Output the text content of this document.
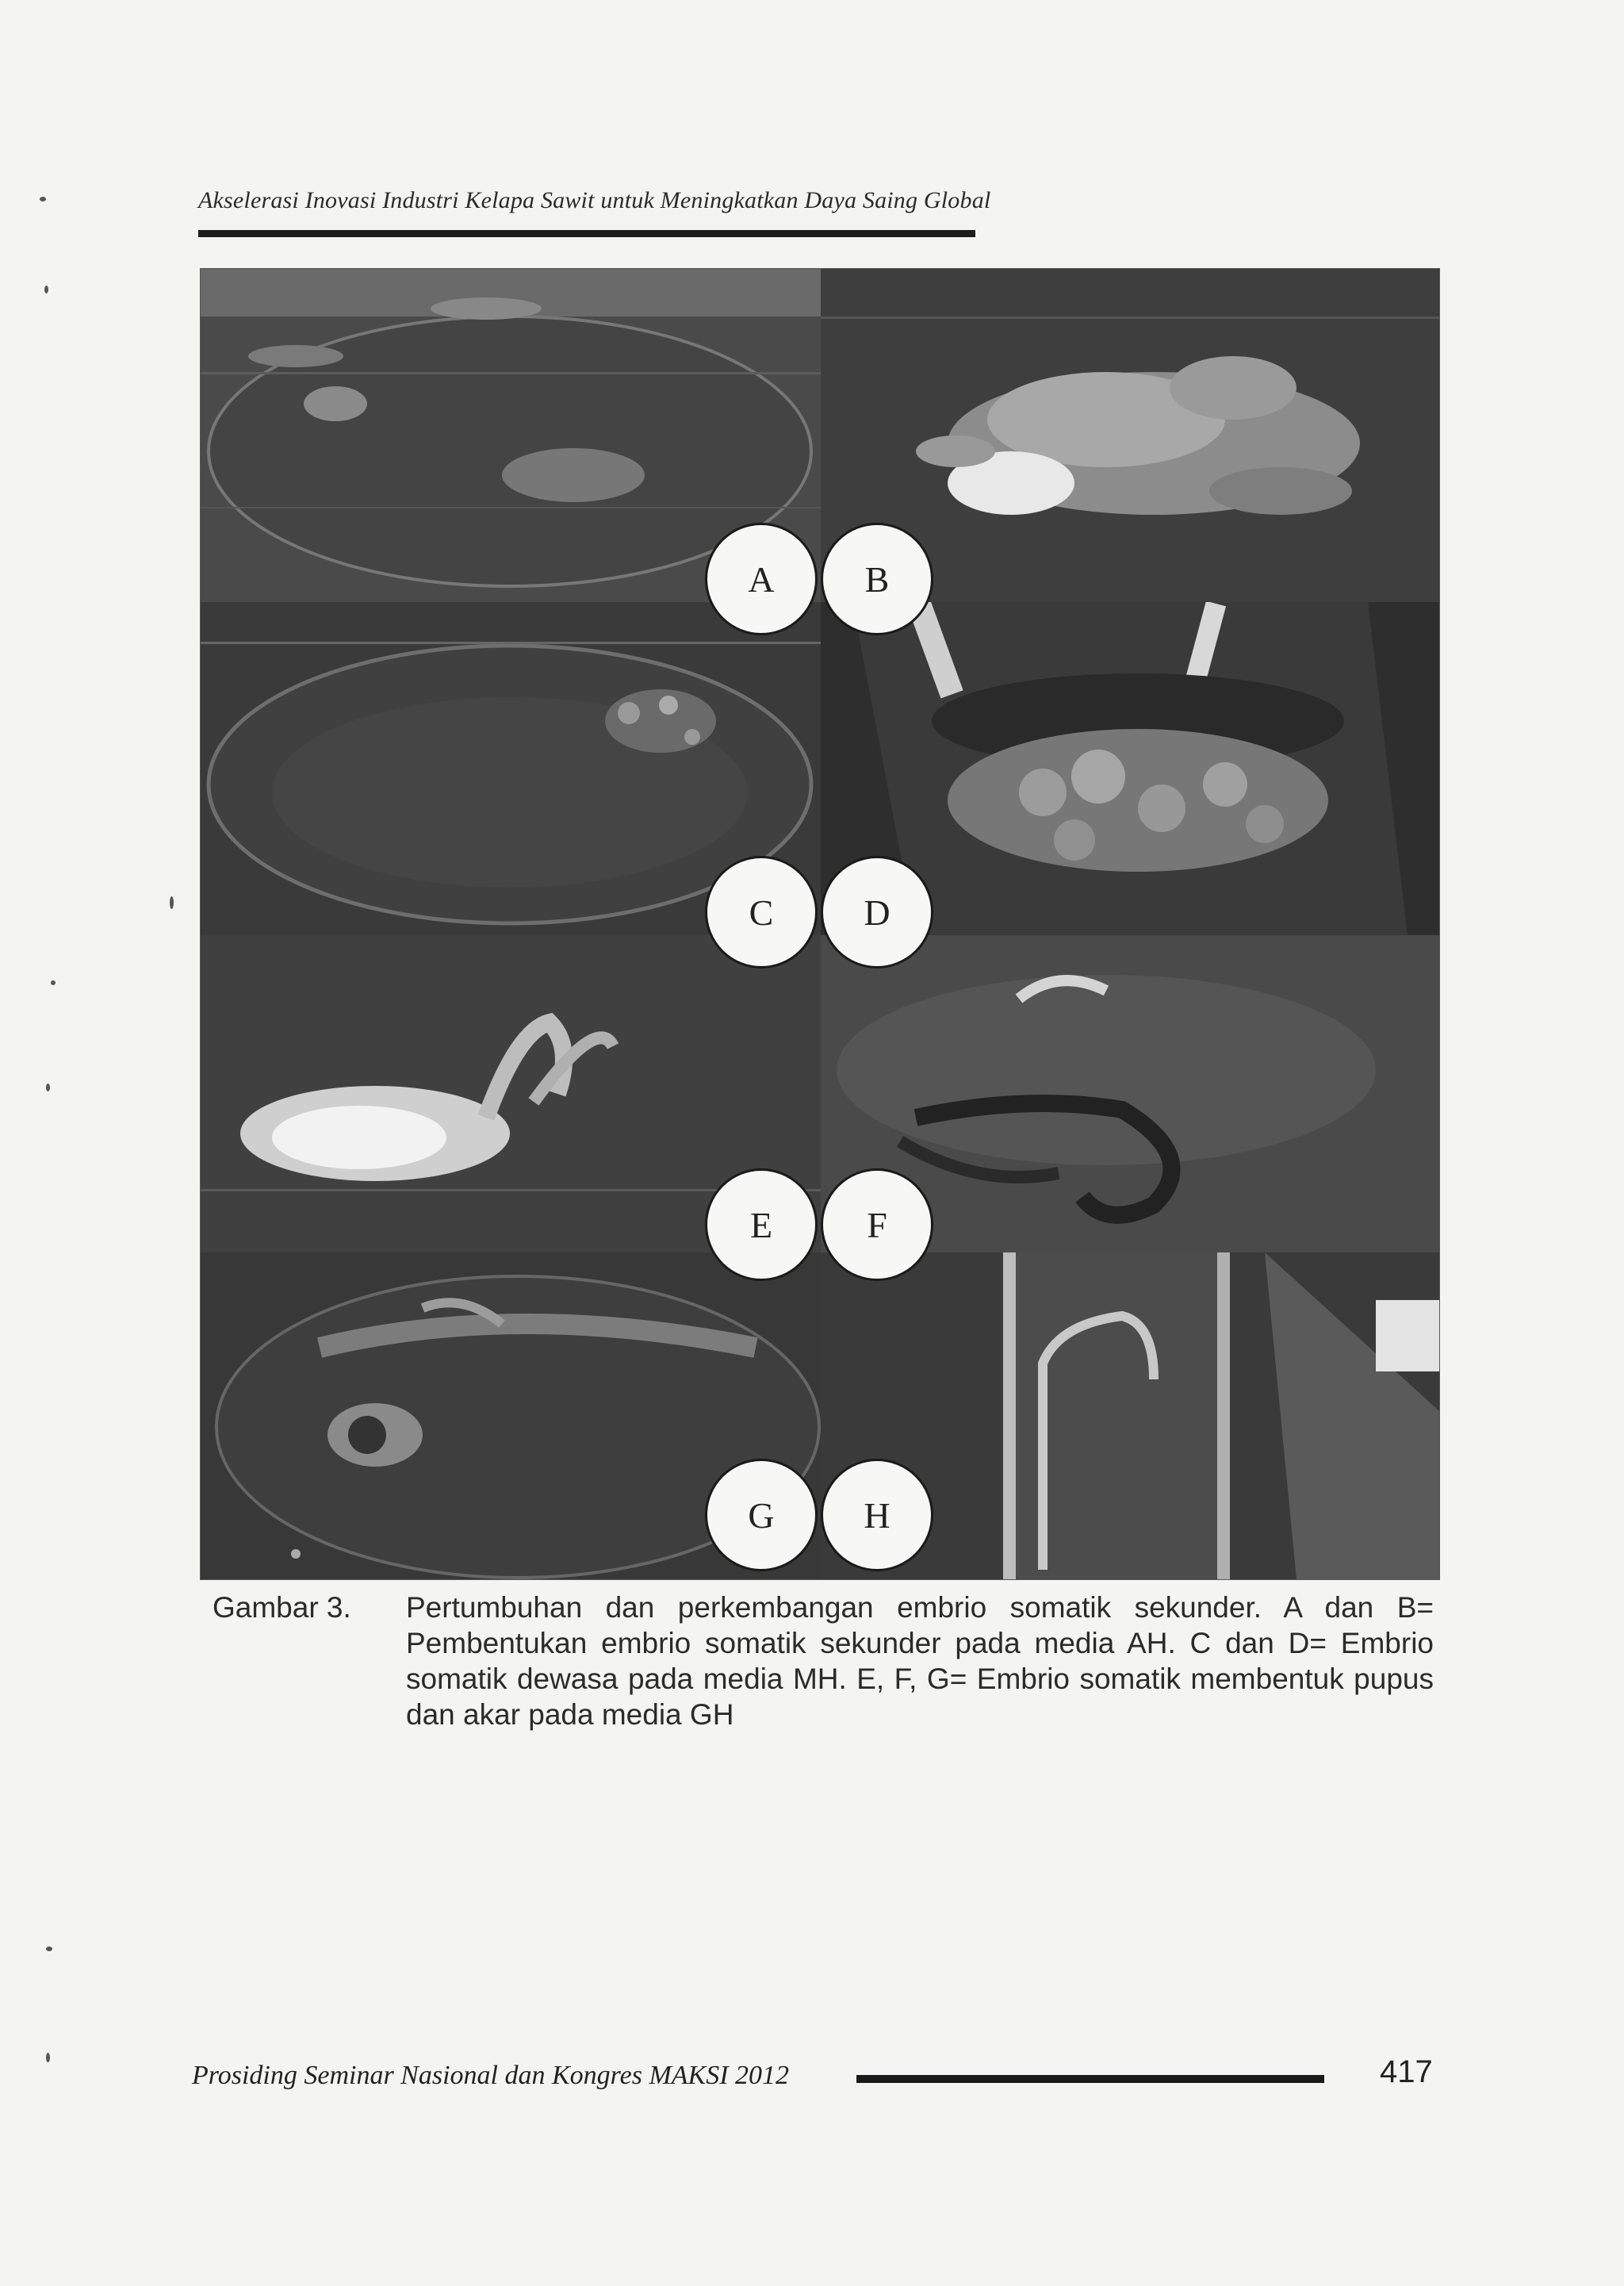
Akselerasi Inovasi Industri Kelapa Sawit untuk Meningkatkan Daya Saing Global
A	B
C	D
E	F
G	H
Gambar 3. Pertumbuhan dan perkembangan embrio somatik sekunder. A dan B= Pembentukan embrio somatik sekunder pada media AH. C dan D= Embrio somatik dewasa pada media MH. E, F, G= Embrio somatik membentuk pupus dan akar pada media GH
Prosiding Seminar Nasional dan Kongres MAKSI 2012	417
